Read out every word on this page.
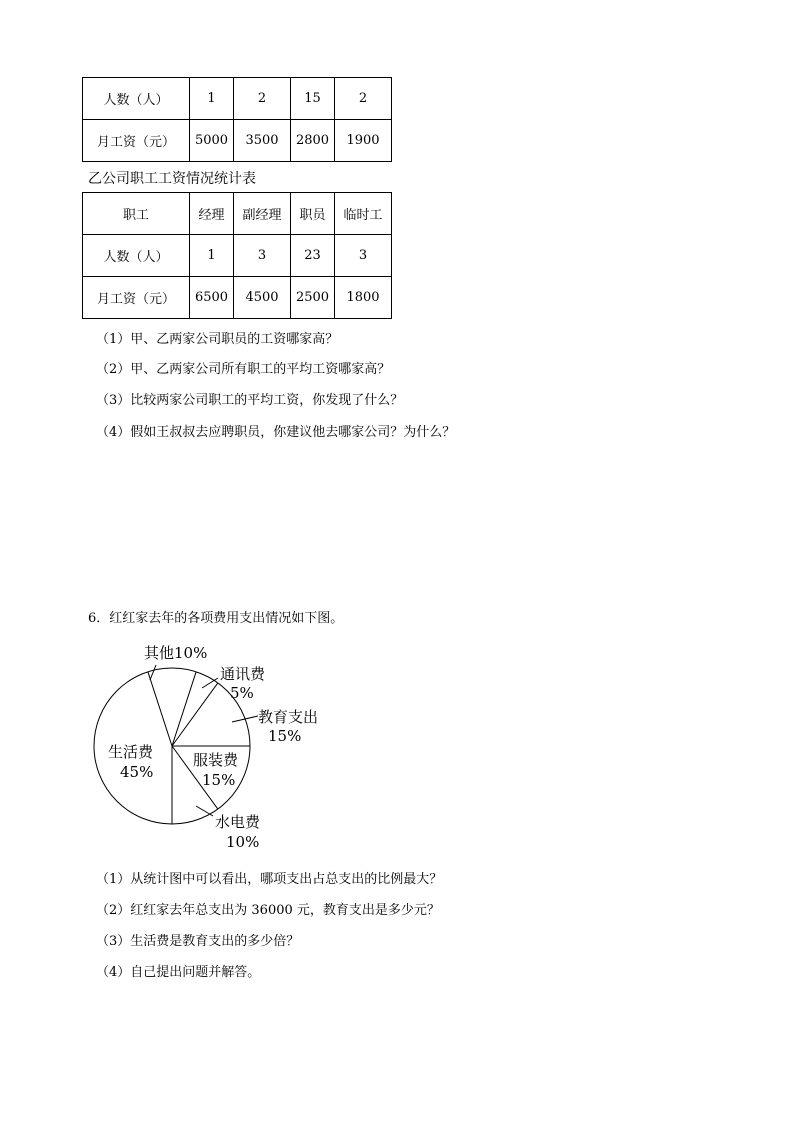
人数（人）	1	2	15	2
月工资（元）	5000	3500	2800	1900
乙公司职工工资情况统计表
职工	经理	副经理	职员	临时工
人数（人）	1	3	23	3
月工资（元）	6500	4500	2500	1800
（1）甲、乙两家公司职员的工资哪家高？
（2）甲、乙两家公司所有职工的平均工资哪家高？
（3）比较两家公司职工的平均工资，你发现了什么？
（4）假如王叔叔去应聘职员，你建议他去哪家公司？为什么？
6．红红家去年的各项费用支出情况如下图。
其他10%
通讯费
5%
教育支出
15%
服装费
15%
水电费
10%
生活费
45%
（1）从统计图中可以看出，哪项支出占总支出的比例最大？
（2）红红家去年总支出为 36000 元，教育支出是多少元？
（3）生活费是教育支出的多少倍？
（4）自己提出问题并解答。
